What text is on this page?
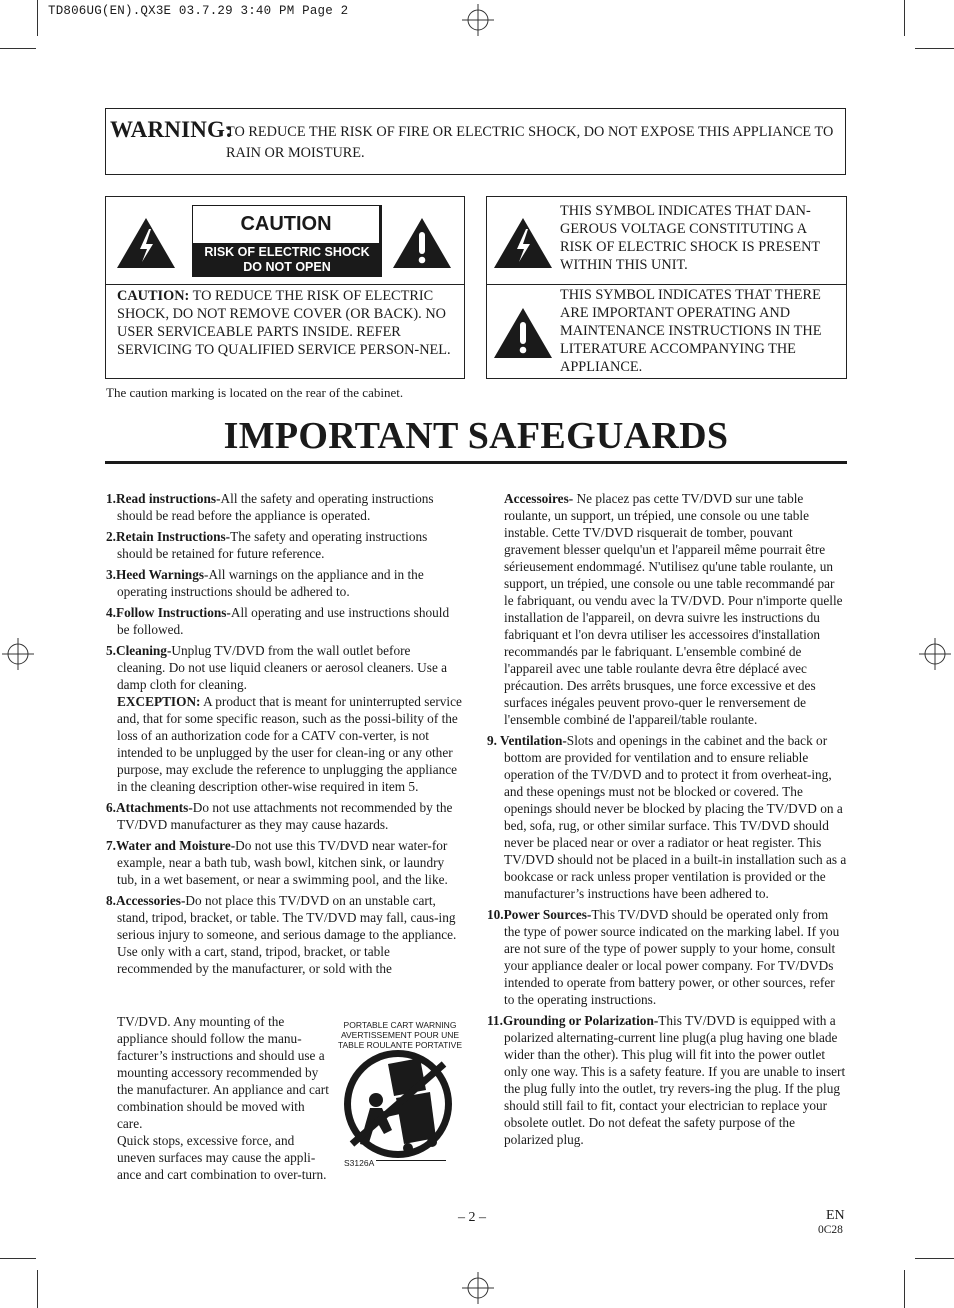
TD806UG(EN).QX3E 03.7.29 3:40 PM Page 2
WARNING:
TO REDUCE THE RISK OF FIRE OR ELECTRIC SHOCK, DO NOT EXPOSE THIS APPLIANCE TO RAIN OR MOISTURE.
CAUTION
RISK OF ELECTRIC SHOCK
DO NOT OPEN
CAUTION: TO REDUCE THE RISK OF ELECTRIC SHOCK, DO NOT REMOVE COVER (OR BACK). NO USER SERVICEABLE PARTS INSIDE. REFER SERVICING TO QUALIFIED SERVICE PERSON-NEL.
THIS SYMBOL INDICATES THAT DAN-GEROUS VOLTAGE CONSTITUTING A RISK OF ELECTRIC SHOCK IS PRESENT WITHIN THIS UNIT.
THIS SYMBOL INDICATES THAT THERE ARE IMPORTANT OPERATING AND MAINTENANCE INSTRUCTIONS IN THE LITERATURE ACCOMPANYING THE APPLIANCE.
The caution marking is located on the rear of the cabinet.
IMPORTANT SAFEGUARDS
1.Read instructions-All the safety and operating instructions should be read before the appliance is operated.
2.Retain Instructions-The safety and operating instructions should be retained for future reference.
3.Heed Warnings-All warnings on the appliance and in the operating instructions should be adhered to.
4.Follow Instructions-All operating and use instructions should be followed.
5.Cleaning-Unplug TV/DVD from the wall outlet before cleaning. Do not use liquid cleaners or aerosol cleaners. Use a damp cloth for cleaning.
EXCEPTION: A product that is meant for uninterrupted service and, that for some specific reason, such as the possi-bility of the loss of an authorization code for a CATV con-verter, is not intended to be unplugged by the user for clean-ing or any other purpose, may exclude the reference to unplugging the appliance in the cleaning description other-wise required in item 5.
6.Attachments-Do not use attachments not recommended by the TV/DVD manufacturer as they may cause hazards.
7.Water and Moisture-Do not use this TV/DVD near water-for example, near a bath tub, wash bowl, kitchen sink, or laundry tub, in a wet basement, or near a swimming pool, and the like.
8.Accessories-Do not place this TV/DVD on an unstable cart, stand, tripod, bracket, or table. The TV/DVD may fall, caus-ing serious injury to someone, and serious damage to the appliance. Use only with a cart, stand, tripod, bracket, or table recommended by the manufacturer, or sold with the
TV/DVD. Any mounting of the appliance should follow the manu-facturer’s instructions and should use a mounting accessory recommended by the manufacturer. An appliance and cart combination should be moved with care.
Quick stops, excessive force, and uneven surfaces may cause the appli-ance and cart combination to over-turn.
PORTABLE CART WARNING
AVERTISSEMENT POUR UNE
TABLE ROULANTE PORTATIVE
S3126A
Accessoires- Ne placez pas cette TV/DVD sur une table roulante, un support, un trépied, une console ou une table instable. Cette TV/DVD risquerait de tomber, pouvant gravement blesser quelqu'un et l'appareil même pourrait être sérieusement endommagé. N'utilisez qu'une table roulante, un support, un trépied, une console ou une table recommandé par le fabriquant, ou vendu avec la TV/DVD. Pour n'importe quelle installation de l'appareil, on devra suivre les instructions du fabriquant et l'on devra utiliser les accessoires d'installation recommandés par le fabriquant. L'ensemble combiné de l'appareil avec une table roulante devra être déplacé avec précaution. Des arrêts brusques, une force excessive et des surfaces inégales peuvent provo-quer le renversement de l'ensemble combiné de l'appareil/table roulante.
9. Ventilation-Slots and openings in the cabinet and the back or bottom are provided for ventilation and to ensure reliable operation of the TV/DVD and to protect it from overheat-ing, and these openings must not be blocked or covered. The openings should never be blocked by placing the TV/DVD on a bed, sofa, rug, or other similar surface. This TV/DVD should never be placed near or over a radiator or heat register. This TV/DVD should not be placed in a built-in installation such as a bookcase or rack unless proper ventilation is provided or the manufacturer’s instructions have been adhered to.
10.Power Sources-This TV/DVD should be operated only from the type of power source indicated on the marking label. If you are not sure of the type of power supply to your home, consult your appliance dealer or local power company. For TV/DVDs intended to operate from battery power, or other sources, refer to the operating instructions.
11.Grounding or Polarization-This TV/DVD is equipped with a polarized alternating-current line plug(a plug having one blade wider than the other). This plug will fit into the power outlet only one way. This is a safety feature. If you are unable to insert the plug fully into the outlet, try revers-ing the plug. If the plug should still fail to fit, contact your electrician to replace your obsolete outlet. Do not defeat the safety purpose of the polarized plug.
– 2 –	EN
0C28
